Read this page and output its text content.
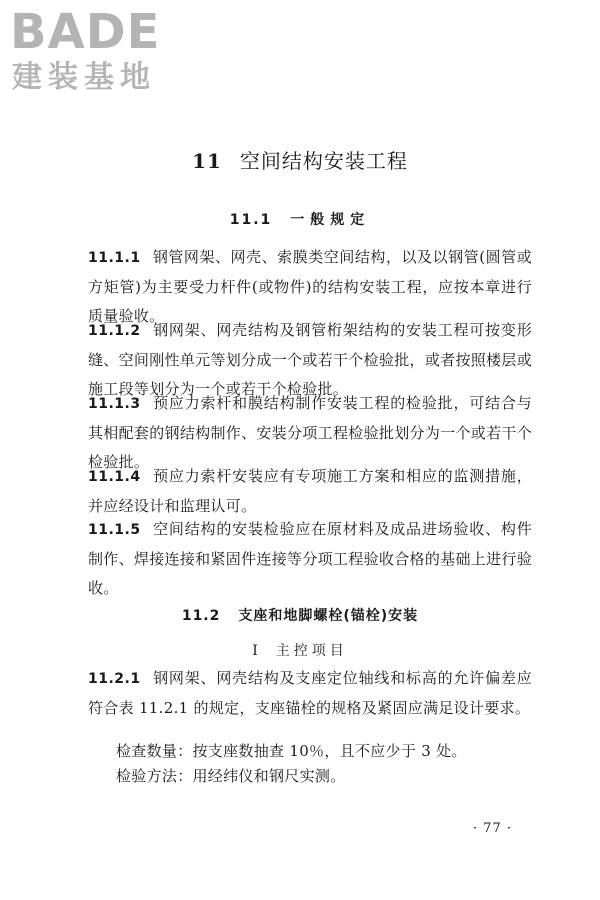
BADE
建装基地
11 空间结构安装工程
11.1 一般规定
11.1.1 钢管网架、网壳、索膜类空间结构，以及以钢管(圆管或方矩管)为主要受力杆件(或物件)的结构安装工程，应按本章进行质量验收。
11.1.2 钢网架、网壳结构及钢管桁架结构的安装工程可按变形缝、空间刚性单元等划分成一个或若干个检验批，或者按照楼层或施工段等划分为一个或若干个检验批。
11.1.3 预应力索杆和膜结构制作安装工程的检验批，可结合与其相配套的钢结构制作、安装分项工程检验批划分为一个或若干个检验批。
11.1.4 预应力索杆安装应有专项施工方案和相应的监测措施，并应经设计和监理认可。
11.1.5 空间结构的安装检验应在原材料及成品进场验收、构件制作、焊接连接和紧固件连接等分项工程验收合格的基础上进行验收。
11.2 支座和地脚螺栓(锚栓)安装
Ⅰ 主控项目
11.2.1 钢网架、网壳结构及支座定位轴线和标高的允许偏差应符合表 11.2.1 的规定，支座锚栓的规格及紧固应满足设计要求。
检查数量：按支座数抽查 10％，且不应少于 3 处。
检验方法：用经纬仪和钢尺实测。
· 77 ·
